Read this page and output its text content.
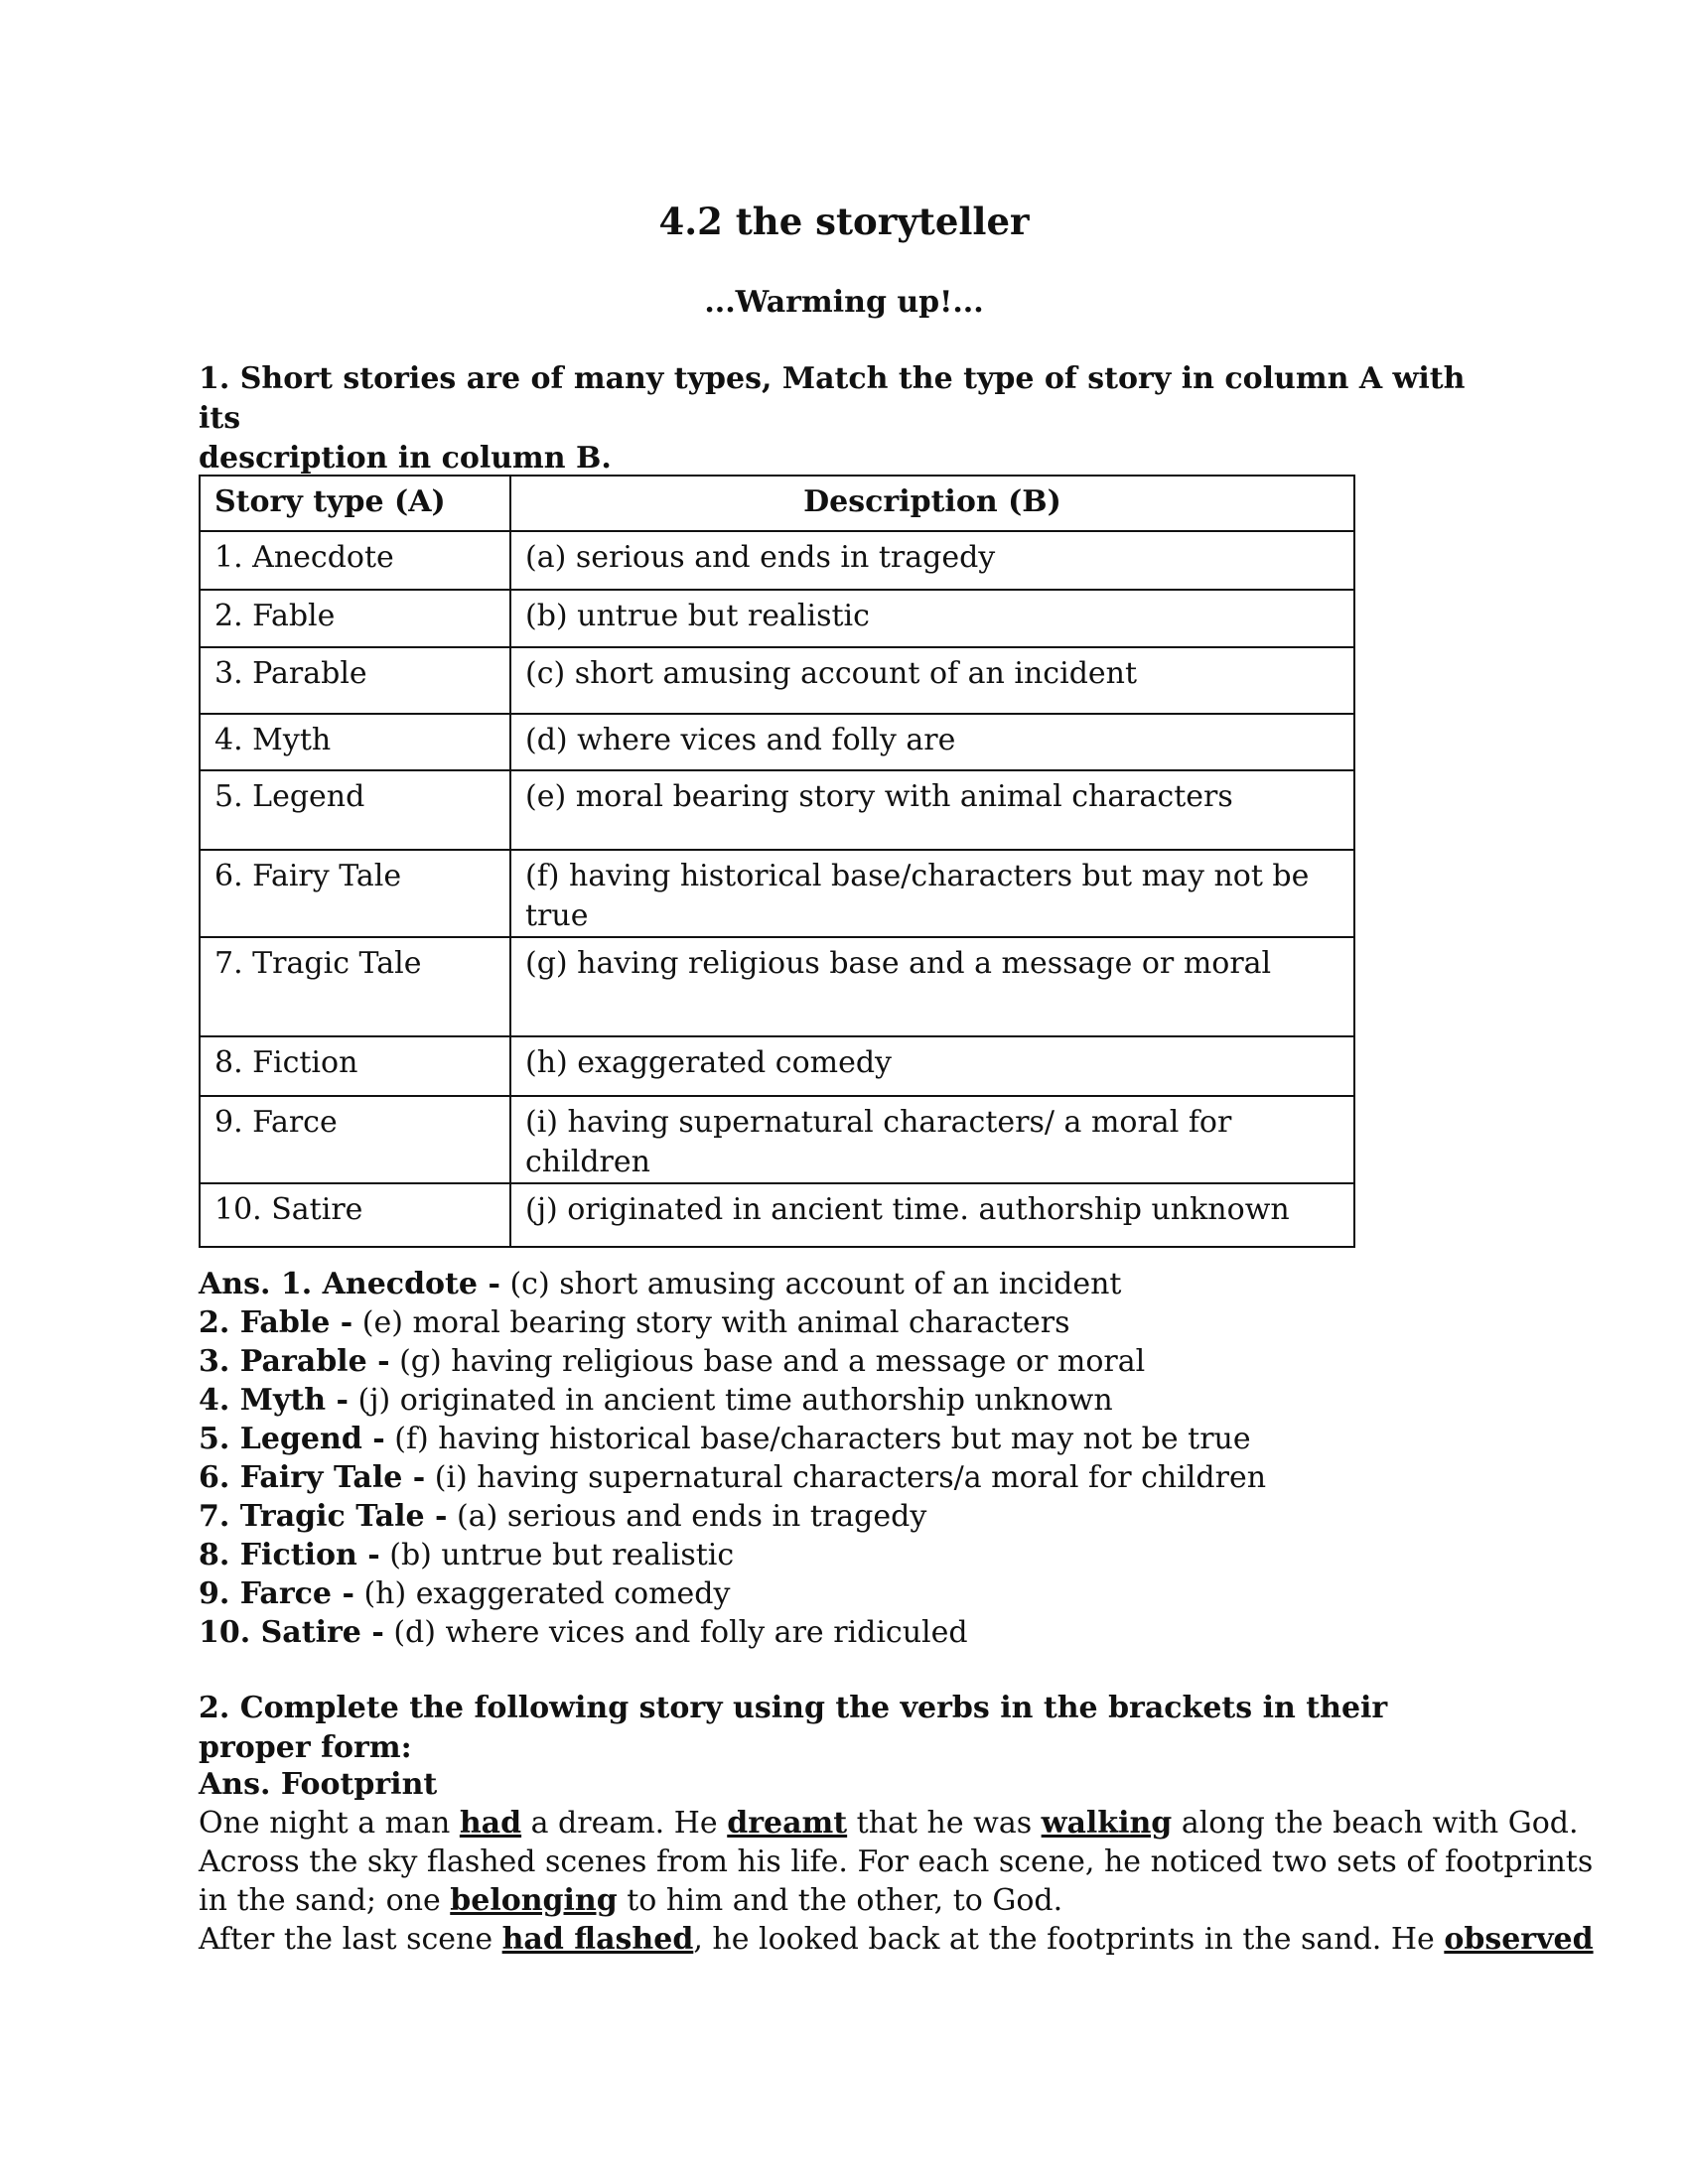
4.2 the storyteller
...Warming up!...
1. Short stories are of many types, Match the type of story in column A with its
description in column B.
Story type (A)	Description (B)
1. Anecdote	(a) serious and ends in tragedy
2. Fable	(b) untrue but realistic
3. Parable	(c) short amusing account of an incident
4. Myth	(d) where vices and folly are
5. Legend	(e) moral bearing story with animal characters
6. Fairy Tale	(f) having historical base/characters but may not be true
7. Tragic Tale	(g) having religious base and a message or moral
8. Fiction	(h) exaggerated comedy
9. Farce	(i) having supernatural characters/ a moral for children
10. Satire	(j) originated in ancient time. authorship unknown
Ans. 1. Anecdote - (c) short amusing account of an incident
2. Fable - (e) moral bearing story with animal characters
3. Parable - (g) having religious base and a message or moral
4. Myth - (j) originated in ancient time authorship unknown
5. Legend - (f) having historical base/characters but may not be true
6. Fairy Tale - (i) having supernatural characters/a moral for children
7. Tragic Tale - (a) serious and ends in tragedy
8. Fiction - (b) untrue but realistic
9. Farce - (h) exaggerated comedy
10. Satire - (d) where vices and folly are ridiculed
2. Complete the following story using the verbs in the brackets in their proper form:
Ans. Footprint
One night a man had a dream. He dreamt that he was walking along the beach with God.
Across the sky flashed scenes from his life. For each scene, he noticed two sets of footprints
in the sand; one belonging to him and the other, to God.
After the last scene had flashed, he looked back at the footprints in the sand. He observed
